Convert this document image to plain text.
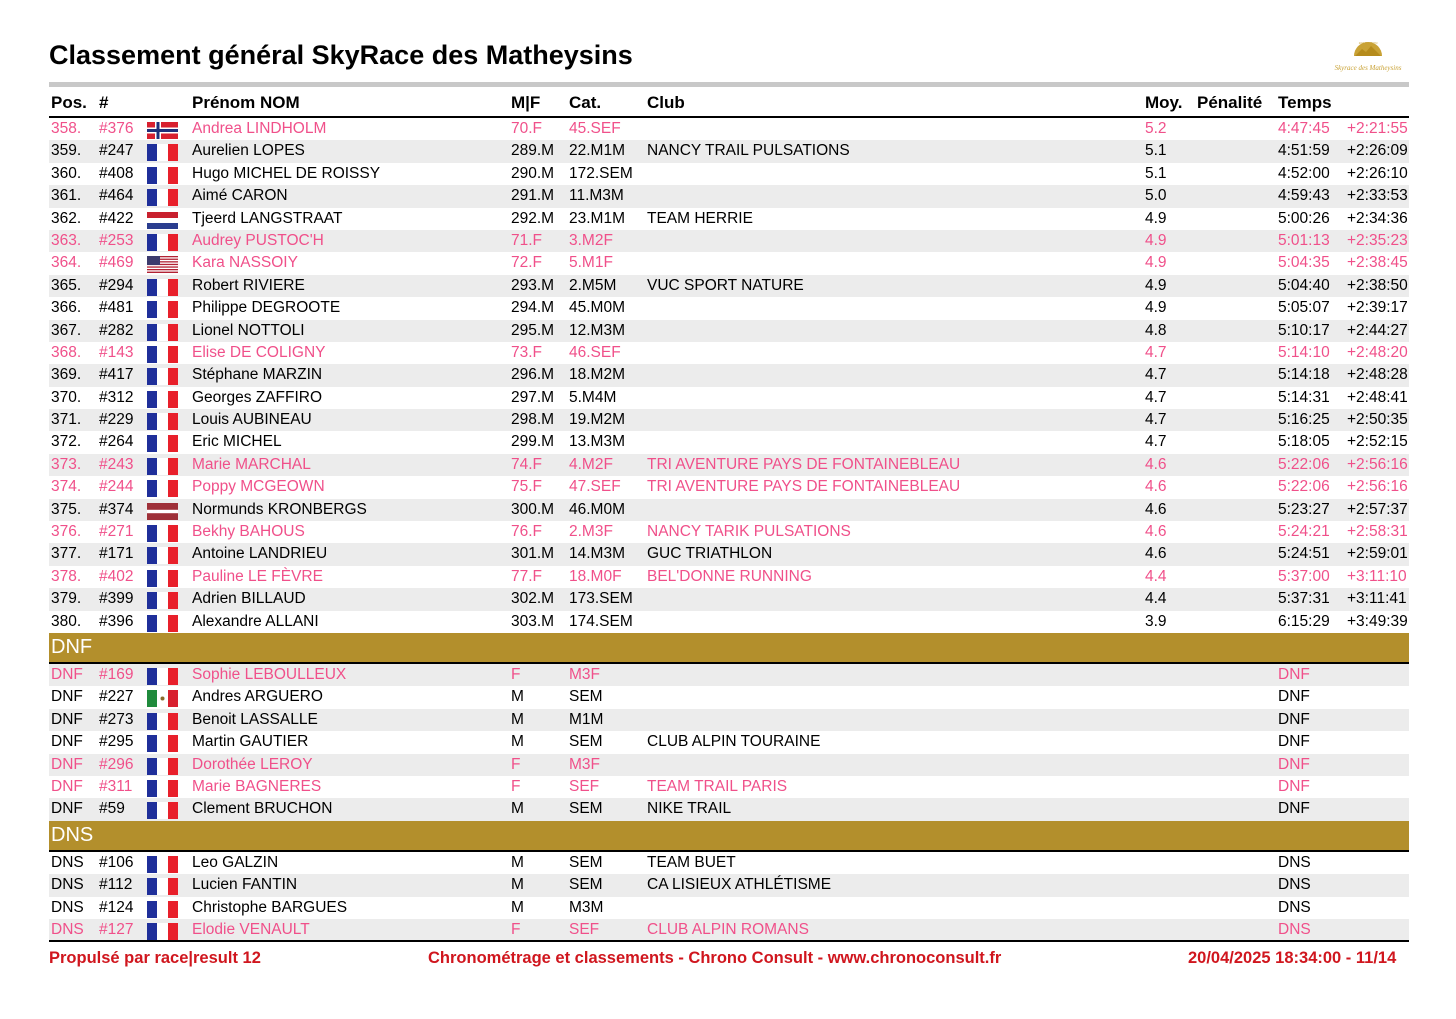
Classement général SkyRace des Matheysins	10th EDITION
Skyrace des Matheysins
Pos. #	Prénom NOM	M|F Cat.	Club	Moy. Pénalité Temps
358. #376	Andrea LINDHOLM	70.F 45.SEF	5.2	4:47:45 +2:21:55
359. #247	Aurelien LOPES	289.M 22.M1M NANCY TRAIL PULSATIONS	5.1	4:51:59 +2:26:09
360. #408	Hugo MICHEL DE ROISSY	290.M 172.SEM	5.1	4:52:00 +2:26:10
361. #464	Aimé CARON	291.M 11.M3M	5.0	4:59:43 +2:33:53
362. #422	Tjeerd LANGSTRAAT	292.M 23.M1M TEAM HERRIE	4.9	5:00:26 +2:34:36
363. #253	Audrey PUSTOC'H	71.F 3.M2F	4.9	5:01:13 +2:35:23
364. #469	Kara NASSOIY	72.F 5.M1F	4.9	5:04:35 +2:38:45
365. #294	Robert RIVIERE	293.M 2.M5M VUC SPORT NATURE	4.9	5:04:40 +2:38:50
366. #481	Philippe DEGROOTE	294.M 45.M0M	4.9	5:05:07 +2:39:17
367. #282	Lionel NOTTOLI	295.M 12.M3M	4.8	5:10:17 +2:44:27
368. #143	Elise DE COLIGNY	73.F 46.SEF	4.7	5:14:10 +2:48:20
369. #417	Stéphane MARZIN	296.M 18.M2M	4.7	5:14:18 +2:48:28
370. #312	Georges ZAFFIRO	297.M 5.M4M	4.7	5:14:31 +2:48:41
371. #229	Louis AUBINEAU	298.M 19.M2M	4.7	5:16:25 +2:50:35
372. #264	Eric MICHEL	299.M 13.M3M	4.7	5:18:05 +2:52:15
373. #243	Marie MARCHAL	74.F 4.M2F TRI AVENTURE PAYS DE FONTAINEBLEAU	4.6	5:22:06 +2:56:16
374. #244	Poppy MCGEOWN	75.F 47.SEF TRI AVENTURE PAYS DE FONTAINEBLEAU	4.6	5:22:06 +2:56:16
375. #374	Normunds KRONBERGS	300.M 46.M0M	4.6	5:23:27 +2:57:37
376. #271	Bekhy BAHOUS	76.F 2.M3F NANCY TARIK PULSATIONS	4.6	5:24:21 +2:58:31
377. #171	Antoine LANDRIEU	301.M 14.M3M GUC TRIATHLON	4.6	5:24:51 +2:59:01
378. #402	Pauline LE FÈVRE	77.F 18.M0F BEL'DONNE RUNNING	4.4	5:37:00 +3:11:10
379. #399	Adrien BILLAUD	302.M 173.SEM	4.4	5:37:31 +3:11:41
380. #396	Alexandre ALLANI	303.M 174.SEM	3.9	6:15:29 +3:49:39
DNF
DNF #169	Sophie LEBOULLEUX	F	M3F	DNF
DNF #227	Andres ARGUERO	M	SEM	DNF
DNF #273	Benoit LASSALLE	M	M1M	DNF
DNF #295	Martin GAUTIER	M	SEM	CLUB ALPIN TOURAINE	DNF
DNF #296	Dorothée LEROY	F	M3F	DNF
DNF #311	Marie BAGNERES	F	SEF	TEAM TRAIL PARIS	DNF
DNF #59	Clement BRUCHON	M	SEM	NIKE TRAIL	DNF
DNS
DNS #106	Leo GALZIN	M	SEM	TEAM BUET	DNS
DNS #112	Lucien FANTIN	M	SEM	CA LISIEUX ATHLÉTISME	DNS
DNS #124	Christophe BARGUES	M	M3M	DNS
DNS #127	Elodie VENAULT	F	SEF	CLUB ALPIN ROMANS	DNS
Propulsé par race|result 12	Chronométrage et classements - Chrono Consult - www.chronoconsult.fr	20/04/2025 18:34:00 - 11/14
